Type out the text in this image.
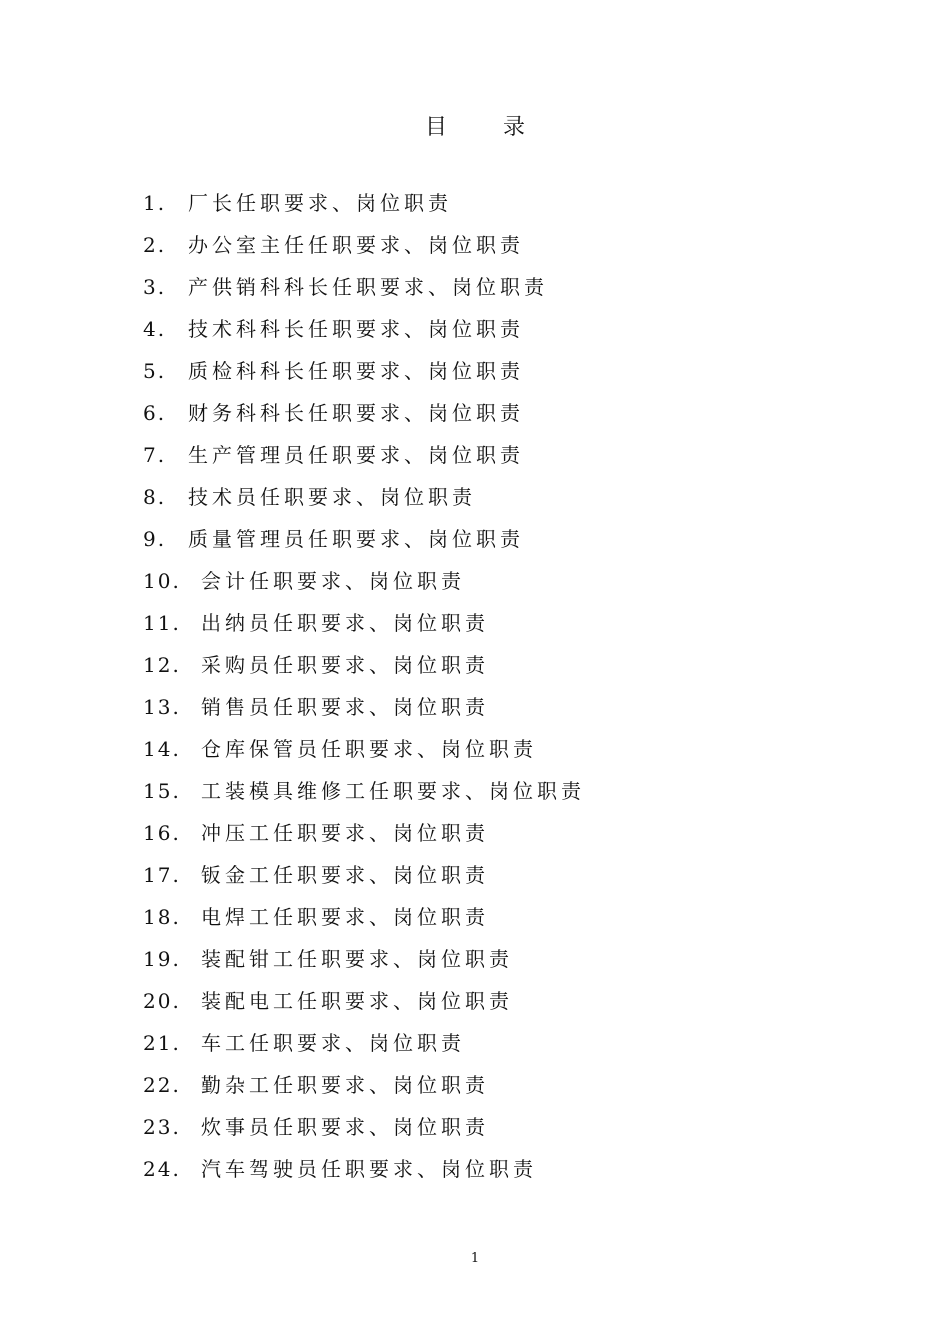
目        录
1. 厂长任职要求、岗位职责
2. 办公室主任任职要求、岗位职责
3. 产供销科科长任职要求、岗位职责
4. 技术科科长任职要求、岗位职责
5. 质检科科长任职要求、岗位职责
6. 财务科科长任职要求、岗位职责
7. 生产管理员任职要求、岗位职责
8. 技术员任职要求、岗位职责
9. 质量管理员任职要求、岗位职责
10. 会计任职要求、岗位职责
11. 出纳员任职要求、岗位职责
12. 采购员任职要求、岗位职责
13. 销售员任职要求、岗位职责
14. 仓库保管员任职要求、岗位职责
15. 工装模具维修工任职要求、岗位职责
16. 冲压工任职要求、岗位职责
17. 钣金工任职要求、岗位职责
18. 电焊工任职要求、岗位职责
19. 装配钳工任职要求、岗位职责
20. 装配电工任职要求、岗位职责
21. 车工任职要求、岗位职责
22. 勤杂工任职要求、岗位职责
23. 炊事员任职要求、岗位职责
24. 汽车驾驶员任职要求、岗位职责
1
